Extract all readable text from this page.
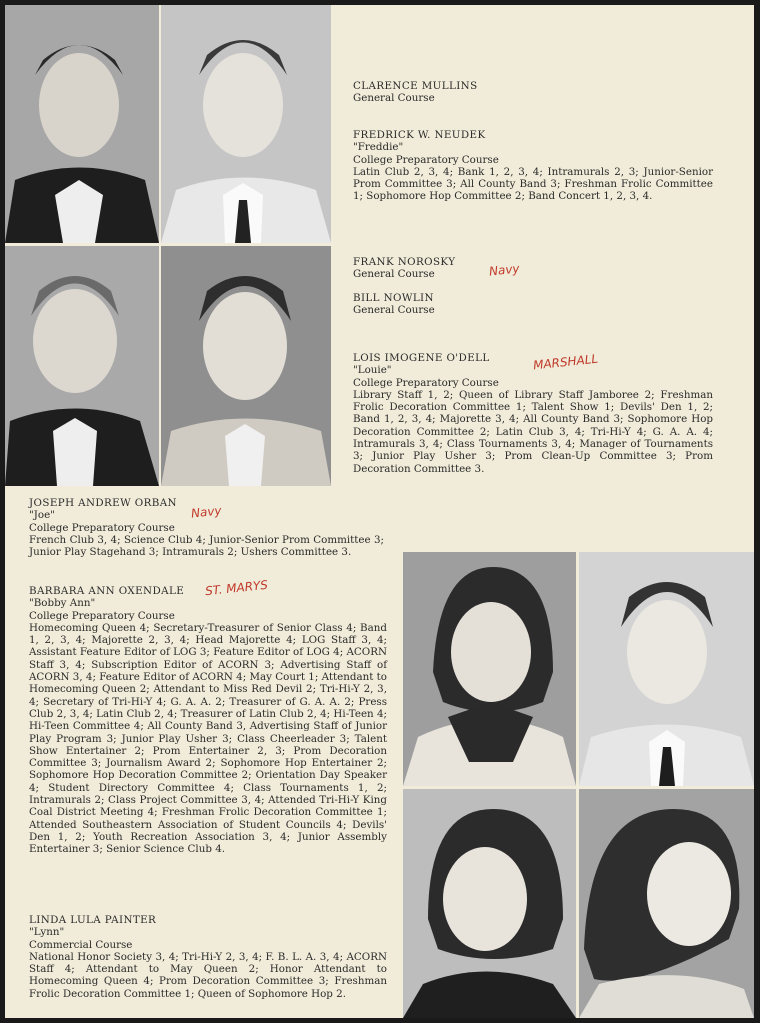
CLARENCE MULLINS

General Course

FREDRICK W. NEUDEK

"Freddie"

College Preparatory Course

Latin Club 2, 3, 4; Bank 1, 2, 3, 4; Intramurals 2, 3; Junior-Senior Prom Committee 3; All County Band 3; Freshman Frolic Committee 1; Sophomore Hop Committee 2; Band Concert 1, 2, 3, 4.

FRANK NOROSKY

General Course

BILL NOWLIN

General Course

LOIS IMOGENE O'DELL

"Louie"

College Preparatory Course

Library Staff 1, 2; Queen of Library Staff Jamboree 2; Freshman Frolic Decoration Committee 1; Talent Show 1; Devils' Den 1, 2; Band 1, 2, 3, 4; Majorette 3, 4; All County Band 3; Sophomore Hop Decoration Committee 2; Latin Club 3, 4; Tri-Hi-Y 4; G. A. A. 4; Intramurals 3, 4; Class Tournaments 3, 4; Manager of Tournaments 3; Junior Play Usher 3; Prom Clean-Up Committee 3; Prom Decoration Committee 3.

JOSEPH ANDREW ORBAN

"Joe"

College Preparatory Course

French Club 3, 4; Science Club 4; Junior-Senior Prom Committee 3; Junior Play Stagehand 3; Intramurals 2; Ushers Committee 3.

BARBARA ANN OXENDALE

"Bobby Ann"

College Preparatory Course

Homecoming Queen 4; Secretary-Treasurer of Senior Class 4; Band 1, 2, 3, 4; Majorette 2, 3, 4; Head Majorette 4; LOG Staff 3, 4; Assistant Feature Editor of LOG 3; Feature Editor of LOG 4; ACORN Staff 3, 4; Subscription Editor of ACORN 3; Advertising Staff of ACORN 3, 4; Feature Editor of ACORN 4; May Court 1; Attendant to Homecoming Queen 2; Attendant to Miss Red Devil 2; Tri-Hi-Y 2, 3, 4; Secretary of Tri-Hi-Y 4; G. A. A. 2; Treasurer of G. A. A. 2; Press Club 2, 3, 4; Latin Club 2, 4; Treasurer of Latin Club 2, 4; Hi-Teen 4; Hi-Teen Committee 4; All County Band 3, Advertising Staff of Junior Play Program 3; Junior Play Usher 3; Class Cheerleader 3; Talent Show Entertainer 2; Prom Entertainer 2, 3; Prom Decoration Committee 3; Journalism Award 2; Sophomore Hop Entertainer 2; Sophomore Hop Decoration Committee 2; Orientation Day Speaker 4; Student Directory Committee 4; Class Tournaments 1, 2; Intramurals 2; Class Project Committee 3, 4; Attended Tri-Hi-Y King Coal District Meeting 4; Freshman Frolic Decoration Committee 1; Attended Southeastern Association of Student Councils 4; Devils' Den 1, 2; Youth Recreation Association 3, 4; Junior Assembly Entertainer 3; Senior Science Club 4.

LINDA LULA PAINTER

"Lynn"

Commercial Course

National Honor Society 3, 4; Tri-Hi-Y 2, 3, 4; F. B. L. A. 3, 4; ACORN Staff 4; Attendant to May Queen 2; Honor Attendant to Homecoming Queen 4; Prom Decoration Committee 3; Freshman Frolic Decoration Committee 1; Queen of Sophomore Hop 2.

Navy
MARSHALL
Navy
ST. MARYS
